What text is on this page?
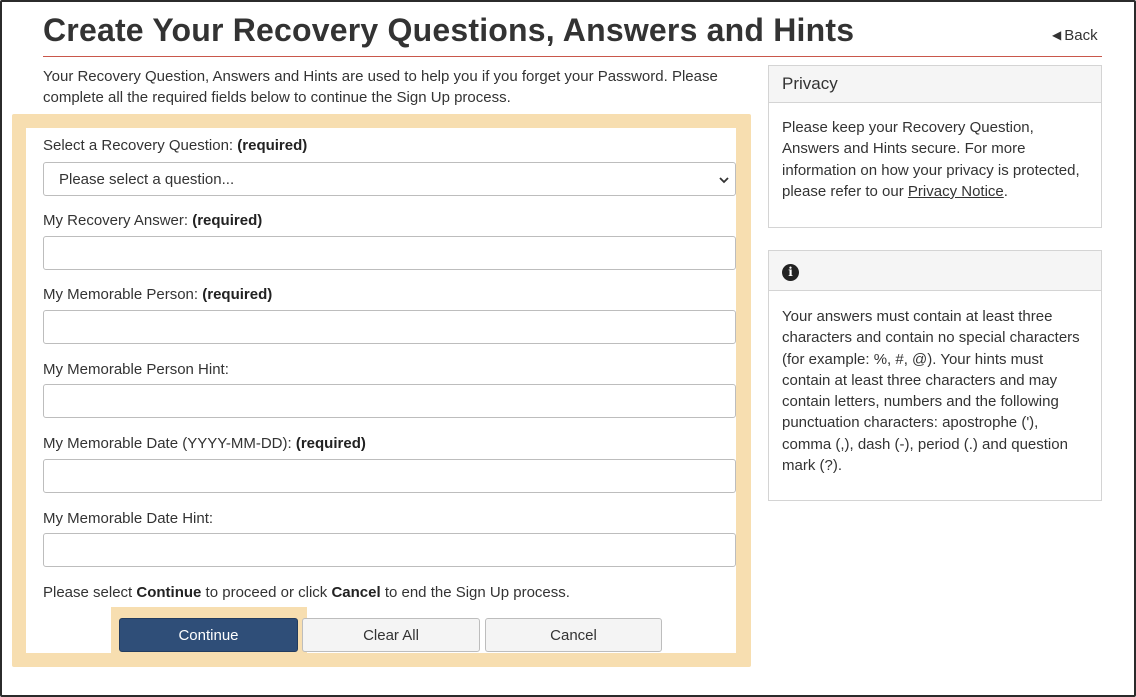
Create Your Recovery Questions, Answers and Hints	◀ Back

Your Recovery Question, Answers and Hints are used to help you if you forget your Password. Please complete all the required fields below to continue the Sign Up process.

Select a Recovery Question: (required)
Please select a question...
My Recovery Answer: (required)
My Memorable Person: (required)
My Memorable Person Hint:
My Memorable Date (YYYY-MM-DD): (required)
My Memorable Date Hint:
Please select Continue to proceed or click Cancel to end the Sign Up process.
Continue	Clear All	Cancel
Privacy
Please keep your Recovery Question, Answers and Hints secure. For more information on how your privacy is protected, please refer to our Privacy Notice.
i
Your answers must contain at least three characters and contain no special characters (for example: %, #, @). Your hints must contain at least three characters and may contain letters, numbers and the following punctuation characters: apostrophe ('), comma (,), dash (-), period (.) and question mark (?).
